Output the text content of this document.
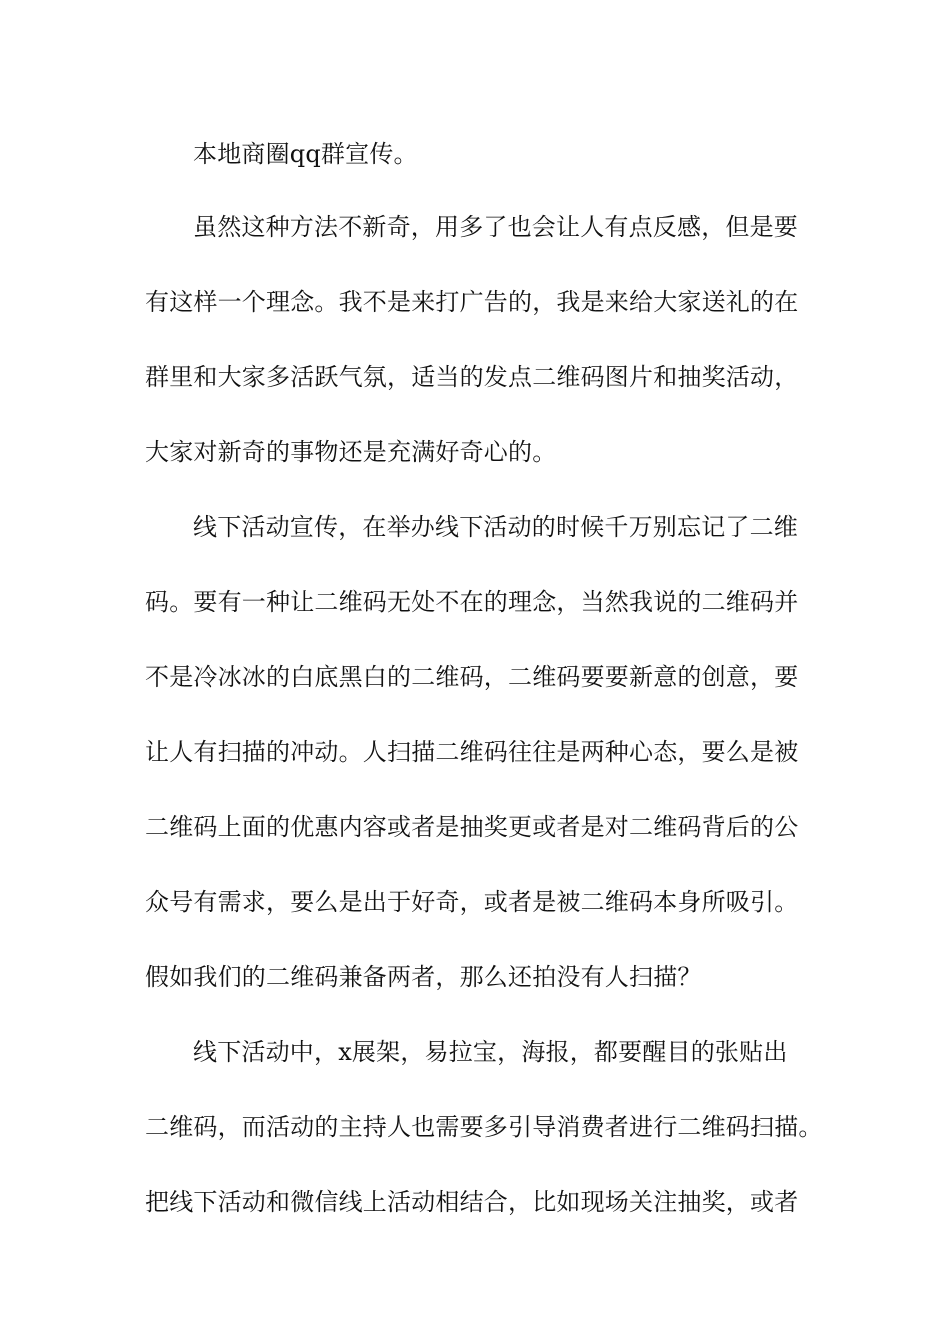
本地商圈qq群宣传。
虽然这种方法不新奇，用多了也会让人有点反感，但是要
有这样一个理念。我不是来打广告的，我是来给大家送礼的在
群里和大家多活跃气氛，适当的发点二维码图片和抽奖活动，
大家对新奇的事物还是充满好奇心的。
线下活动宣传，在举办线下活动的时候千万别忘记了二维
码。要有一种让二维码无处不在的理念，当然我说的二维码并
不是冷冰冰的白底黑白的二维码，二维码要要新意的创意，要
让人有扫描的冲动。人扫描二维码往往是两种心态，要么是被
二维码上面的优惠内容或者是抽奖更或者是对二维码背后的公
众号有需求，要么是出于好奇，或者是被二维码本身所吸引。
假如我们的二维码兼备两者，那么还拍没有人扫描？
线下活动中，x展架，易拉宝，海报，都要醒目的张贴出
二维码，而活动的主持人也需要多引导消费者进行二维码扫描。
把线下活动和微信线上活动相结合，比如现场关注抽奖，或者
